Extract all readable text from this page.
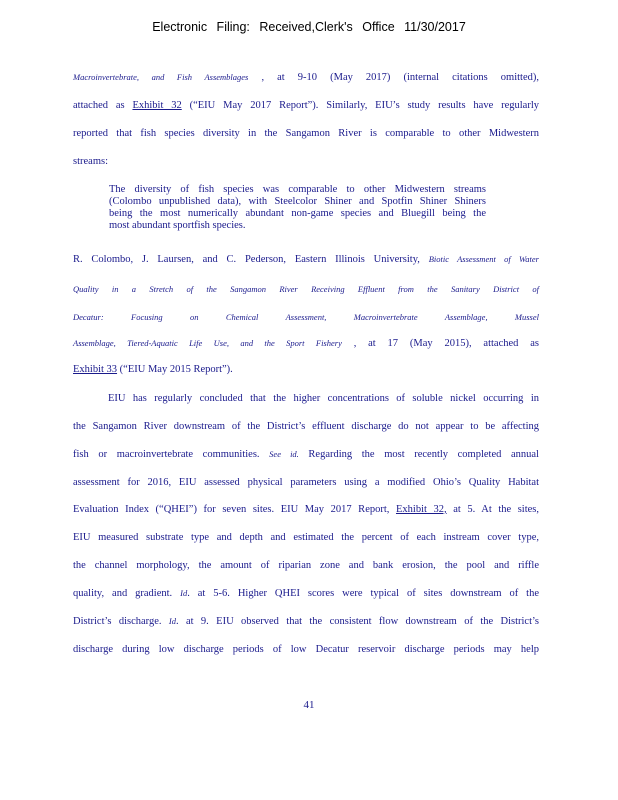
Electronic Filing: Received,Clerk's Office 11/30/2017
Macroinvertebrate, and Fish Assemblages , at 9-10 (May 2017) (internal citations omitted),
attached as Exhibit 32 (“EIU May 2017 Report”). Similarly, EIU’s study results have regularly
reported that fish species diversity in the Sangamon River is comparable to other Midwestern
streams:
The diversity of fish species was comparable to other Midwestern streams
(Colombo unpublished data), with Steelcolor Shiner and Spotfin Shiner Shiners
being the most numerically abundant non-game species and Bluegill being the
most abundant sportfish species.
R. Colombo, J. Laursen, and C. Pederson, Eastern Illinois University, Biotic Assessment of Water
Quality in a Stretch of the Sangamon River Receiving Effluent from the Sanitary District of
Decatur: Focusing on Chemical Assessment, Macroinvertebrate Assemblage, Mussel
Assemblage, Tiered-Aquatic Life Use, and the Sport Fishery , at 17 (May 2015), attached as
Exhibit 33 (“EIU May 2015 Report”).
EIU has regularly concluded that the higher concentrations of soluble nickel occurring in
the Sangamon River downstream of the District’s effluent discharge do not appear to be affecting
fish or macroinvertebrate communities. See id. Regarding the most recently completed annual
assessment for 2016, EIU assessed physical parameters using a modified Ohio’s Quality Habitat
Evaluation Index (“QHEI”) for seven sites. EIU May 2017 Report, Exhibit 32, at 5. At the sites,
EIU measured substrate type and depth and estimated the percent of each instream cover type,
the channel morphology, the amount of riparian zone and bank erosion, the pool and riffle
quality, and gradient. Id. at 5-6. Higher QHEI scores were typical of sites downstream of the
District’s discharge. Id. at 9. EIU observed that the consistent flow downstream of the District’s
discharge during low discharge periods of low Decatur reservoir discharge periods may help
41
